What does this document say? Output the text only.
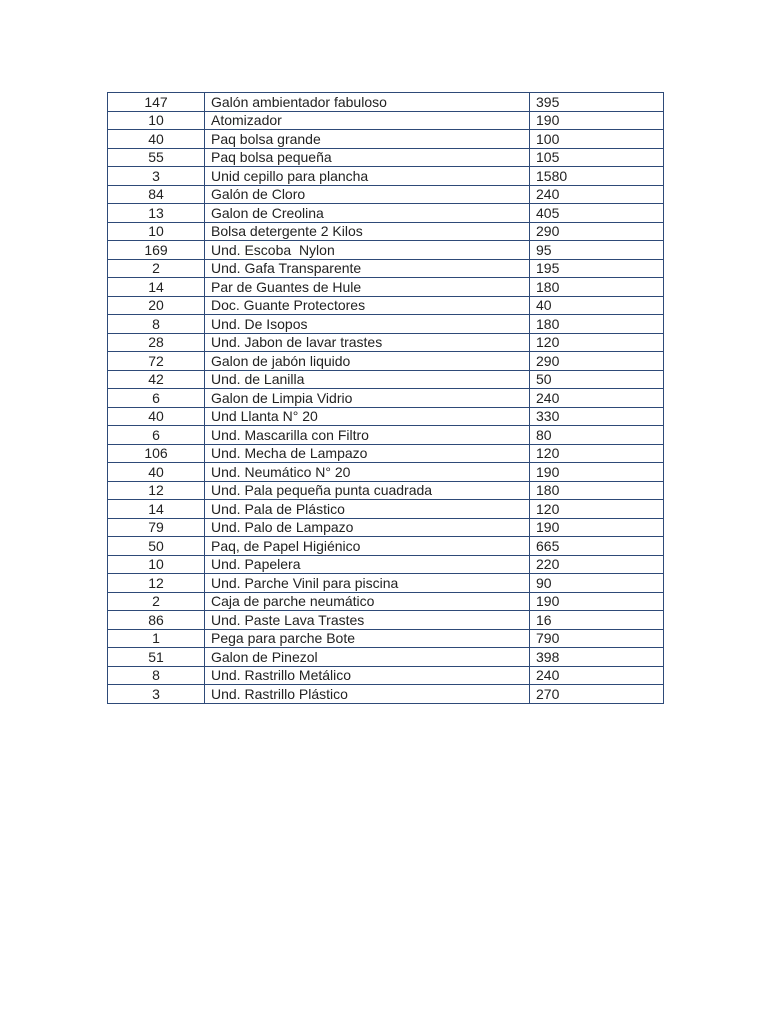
147	Galón ambientador fabuloso	395
10	Atomizador	190
40	Paq bolsa grande	100
55	Paq bolsa pequeña	105
3	Unid cepillo para plancha	1580
84	Galón de Cloro	240
13	Galon de Creolina	405
10	Bolsa detergente 2 Kilos	290
169	Und. Escoba  Nylon	95
2	Und. Gafa Transparente	195
14	Par de Guantes de Hule	180
20	Doc. Guante Protectores	40
8	Und. De Isopos	180
28	Und. Jabon de lavar trastes	120
72	Galon de jabón liquido	290
42	Und. de Lanilla	50
6	Galon de Limpia Vidrio	240
40	Und Llanta N° 20	330
6	Und. Mascarilla con Filtro	80
106	Und. Mecha de Lampazo	120
40	Und. Neumático N° 20	190
12	Und. Pala pequeña punta cuadrada	180
14	Und. Pala de Plástico	120
79	Und. Palo de Lampazo	190
50	Paq, de Papel Higiénico	665
10	Und. Papelera	220
12	Und. Parche Vinil para piscina	90
2	Caja de parche neumático	190
86	Und. Paste Lava Trastes	16
1	Pega para parche Bote	790
51	Galon de Pinezol	398
8	Und. Rastrillo Metálico	240
3	Und. Rastrillo Plástico	270
